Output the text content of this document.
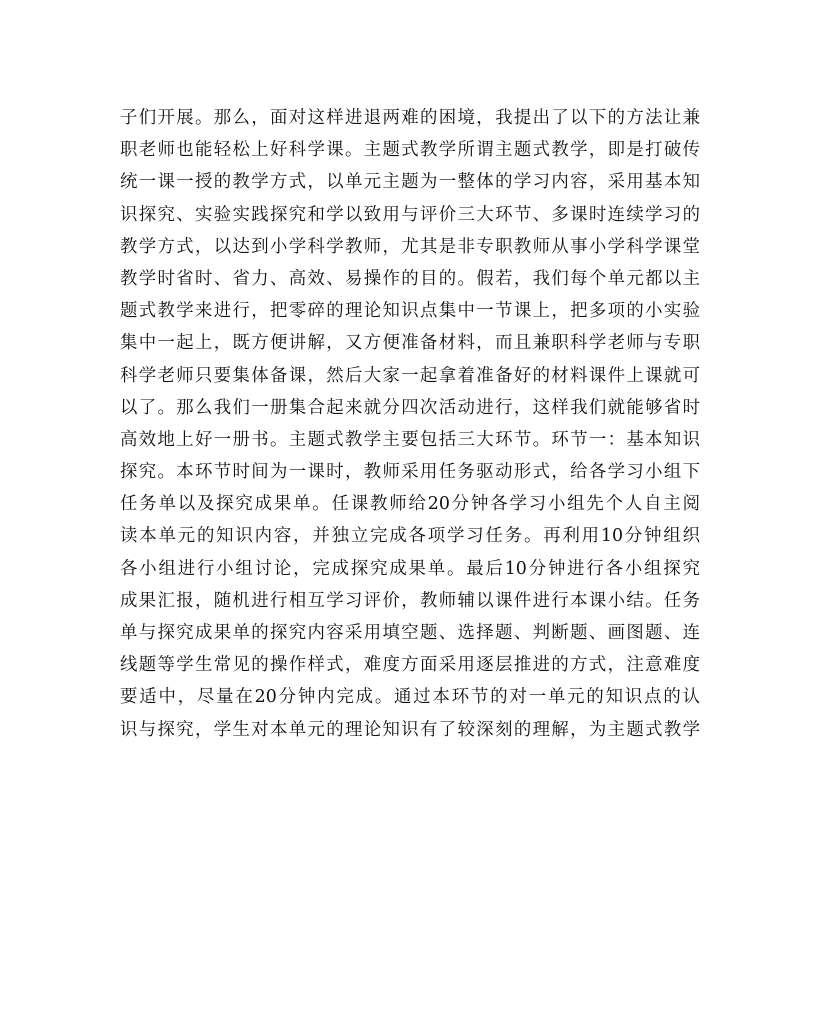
子们开展。那么，面对这样进退两难的困境，我提出了以下的方法让兼
职老师也能轻松上好科学课。主题式教学所谓主题式教学，即是打破传
统一课一授的教学方式，以单元主题为一整体的学习内容，采用基本知
识探究、实验实践探究和学以致用与评价三大环节、多课时连续学习的
教学方式，以达到小学科学教师，尤其是非专职教师从事小学科学课堂
教学时省时、省力、高效、易操作的目的。假若，我们每个单元都以主
题式教学来进行，把零碎的理论知识点集中一节课上，把多项的小实验
集中一起上，既方便讲解，又方便准备材料，而且兼职科学老师与专职
科学老师只要集体备课，然后大家一起拿着准备好的材料课件上课就可
以了。那么我们一册集合起来就分四次活动进行，这样我们就能够省时
高效地上好一册书。主题式教学主要包括三大环节。环节一：基本知识
探究。本环节时间为一课时，教师采用任务驱动形式，给各学习小组下
任务单以及探究成果单。任课教师给20分钟各学习小组先个人自主阅
读本单元的知识内容，并独立完成各项学习任务。再利用10分钟组织
各小组进行小组讨论，完成探究成果单。最后10分钟进行各小组探究
成果汇报，随机进行相互学习评价，教师辅以课件进行本课小结。任务
单与探究成果单的探究内容采用填空题、选择题、判断题、画图题、连
线题等学生常见的操作样式，难度方面采用逐层推进的方式，注意难度
要适中，尽量在20分钟内完成。通过本环节的对一单元的知识点的认
识与探究，学生对本单元的理论知识有了较深刻的理解，为主题式教学
